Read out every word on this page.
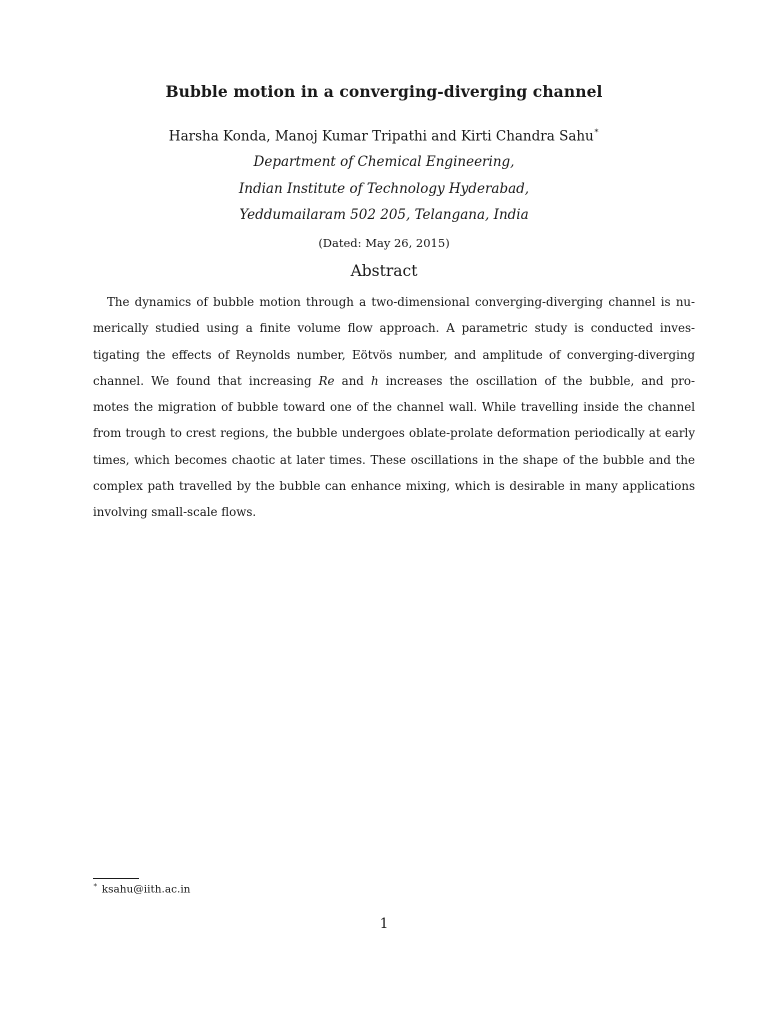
Bubble motion in a converging-diverging channel
Harsha Konda, Manoj Kumar Tripathi and Kirti Chandra Sahu∗
Department of Chemical Engineering,
Indian Institute of Technology Hyderabad,
Yeddumailaram 502 205, Telangana, India
(Dated: May 26, 2015)
Abstract
The dynamics of bubble motion through a two-dimensional converging-diverging channel is nu-
merically studied using a finite volume flow approach. A parametric study is conducted inves-
tigating the effects of Reynolds number, Eötvös number, and amplitude of converging-diverging
channel. We found that increasing Re and h increases the oscillation of the bubble, and pro-
motes the migration of bubble toward one of the channel wall. While travelling inside the channel
from trough to crest regions, the bubble undergoes oblate-prolate deformation periodically at early
times, which becomes chaotic at later times. These oscillations in the shape of the bubble and the
complex path travelled by the bubble can enhance mixing, which is desirable in many applications
involving small-scale flows.
∗ ksahu@iith.ac.in
1
